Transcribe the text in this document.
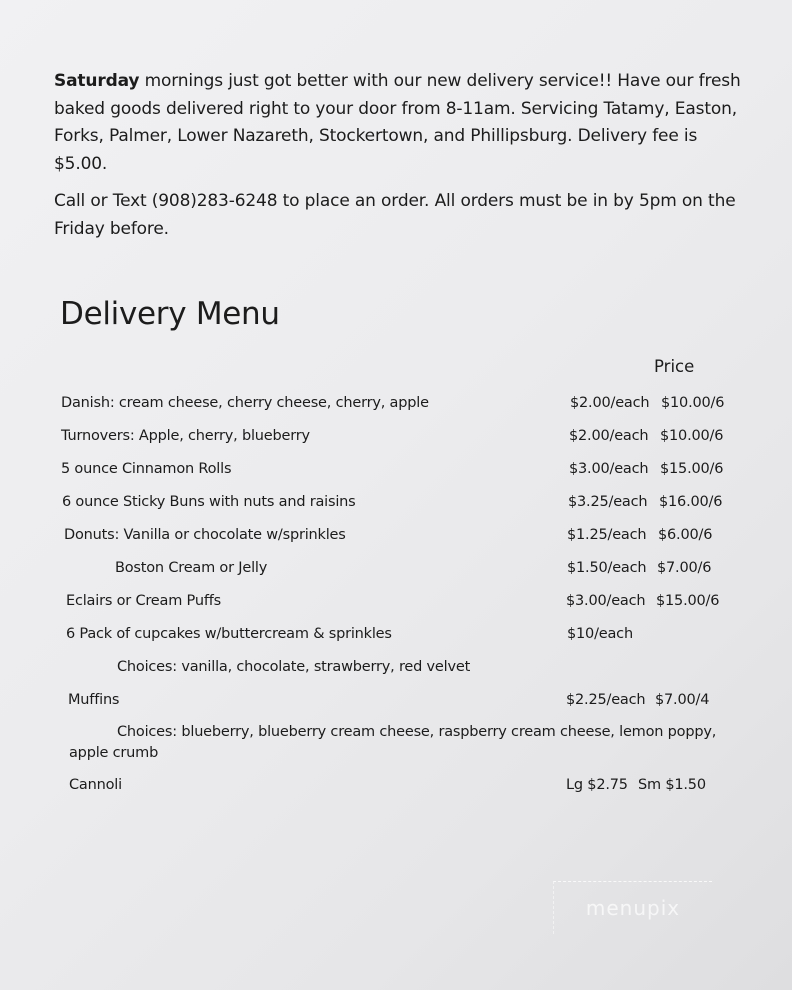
Saturday mornings just got better with our new delivery service!! Have our fresh baked goods delivered right to your door from 8-11am. Servicing Tatamy, Easton, Forks, Palmer, Lower Nazareth, Stockertown, and Phillipsburg. Delivery fee is $5.00.

Call or Text (908)283-6248 to place an order. All orders must be in by 5pm on the Friday before.

Delivery Menu
Price
Danish: cream cheese, cherry cheese, cherry, apple	$2.00/each $10.00/6
Turnovers: Apple, cherry, blueberry	$2.00/each $10.00/6
5 ounce Cinnamon Rolls	$3.00/each $15.00/6
6 ounce Sticky Buns with nuts and raisins	$3.25/each $16.00/6
Donuts: Vanilla or chocolate w/sprinkles	$1.25/each $6.00/6
Boston Cream or Jelly	$1.50/each $7.00/6
Eclairs or Cream Puffs	$3.00/each $15.00/6
6 Pack of cupcakes w/buttercream & sprinkles	$10/each
Choices: vanilla, chocolate, strawberry, red velvet
Muffins	$2.25/each $7.00/4
Choices: blueberry, blueberry cream cheese, raspberry cream cheese, lemon poppy,
apple crumb
Cannoli	Lg $2.75 Sm $1.50
menupix
